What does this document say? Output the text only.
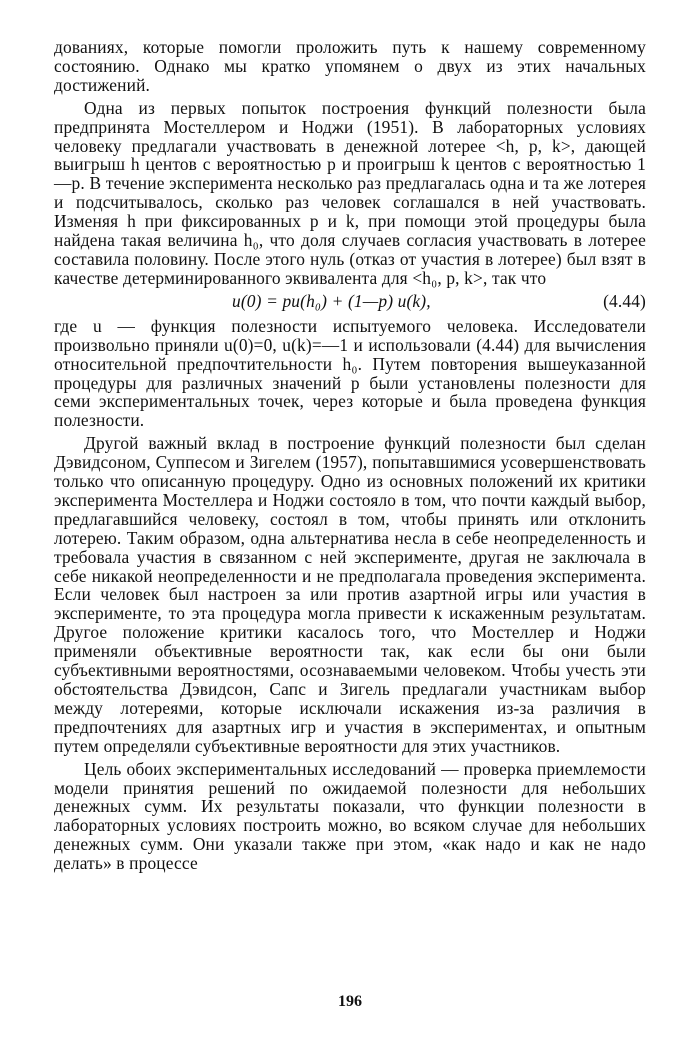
дованиях, которые помогли проложить путь к нашему современному состоянию. Однако мы кратко упомянем о двух из этих начальных достижений.

Одна из первых попыток построения функций полезности была предпринята Мостеллером и Ноджи (1951). В лабораторных условиях человеку предлагали участвовать в денежной лотерее <h, p, k>, дающей выигрыш h центов с вероятностью p и проигрыш k центов с вероятностью 1—p. В течение эксперимента несколько раз предлагалась одна и та же лотерея и подсчитывалось, сколько раз человек соглашался в ней участвовать. Изменяя h при фиксированных p и k, при помощи этой процедуры была найдена такая величина h₀, что доля случаев согласия участвовать в лотерее составила половину. После этого нуль (отказ от участия в лотерее) был взят в качестве детерминированного эквивалента для <h₀, p, k>, так что

u(0) = pu(h₀) + (1—p) u(k),	(4.44)

где u — функция полезности испытуемого человека. Исследователи произвольно приняли u(0)=0, u(k)=—1 и использовали (4.44) для вычисления относительной предпочтительности h₀. Путем повторения вышеуказанной процедуры для различных значений p были установлены полезности для семи экспериментальных точек, через которые и была проведена функция полезности.

Другой важный вклад в построение функций полезности был сделан Дэвидсоном, Суппесом и Зигелем (1957), попытавшимися усовершенствовать только что описанную процедуру. Одно из основных положений их критики эксперимента Мостеллера и Ноджи состояло в том, что почти каждый выбор, предлагавшийся человеку, состоял в том, чтобы принять или отклонить лотерею. Таким образом, одна альтернатива несла в себе неопределенность и требовала участия в связанном с ней эксперименте, другая не заключала в себе никакой неопределенности и не предполагала проведения эксперимента. Если человек был настроен за или против азартной игры или участия в эксперименте, то эта процедура могла привести к искаженным результатам. Другое положение критики касалось того, что Мостеллер и Ноджи применяли объективные вероятности так, как если бы они были субъективными вероятностями, осознаваемыми человеком. Чтобы учесть эти обстоятельства Дэвидсон, Сапс и Зигель предлагали участникам выбор между лотереями, которые исключали искажения из-за различия в предпочтениях для азартных игр и участия в экспериментах, и опытным путем определяли субъективные вероятности для этих участников.

Цель обоих экспериментальных исследований — проверка приемлемости модели принятия решений по ожидаемой полезности для небольших денежных сумм. Их результаты показали, что функции полезности в лабораторных условиях построить можно, во всяком случае для небольших денежных сумм. Они указали также при этом, «как надо и как не надо делать» в процессе

196
